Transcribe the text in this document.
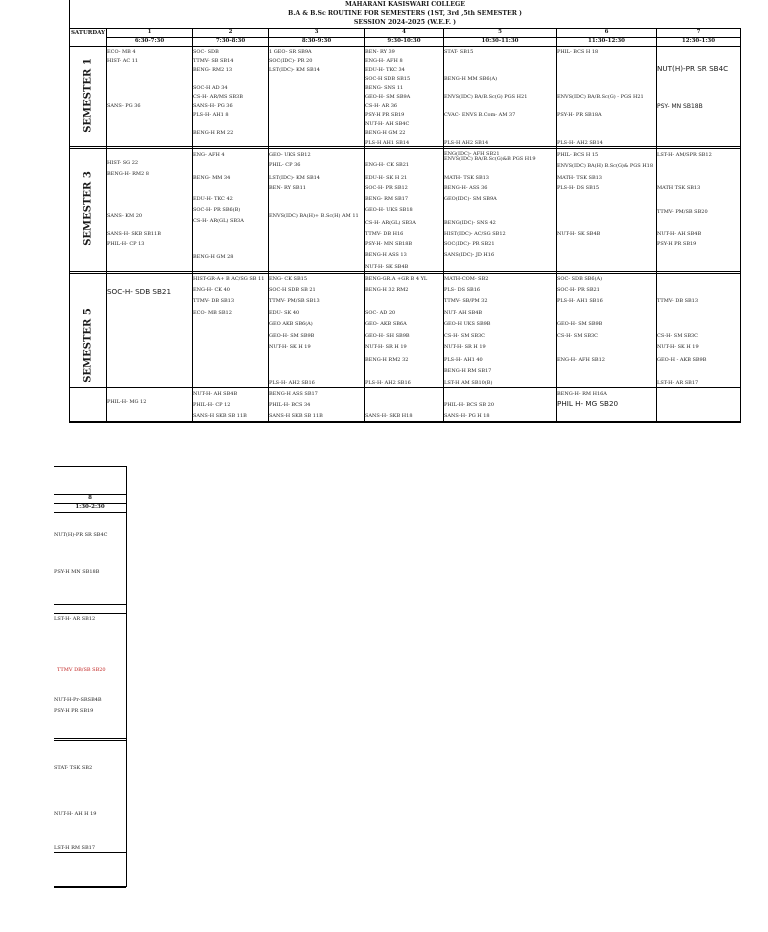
MAHARANI KASISWARI COLLEGE
B.A & B.Sc ROUTINE FOR SEMESTERS (1ST, 3rd ,5th SEMESTER )
SESSION 2024-2025 (W.E.F. )
SATURDAY	1
6:30-7:30
2
7:30-8:30
3
8:30-9:30
4
9:30-10:30
5
10:30-11:30
6
11:30-12:30
7
12:30-1:30
SEMESTER 1
SEMESTER 3
SEMESTER 5
8
1:30-2:30
NUT(H)-PR SR SB4C
PSY-H MN SB18B
LST-H- AR SB12
TTMV DB/SB SB20
NUT-H-Pr-SRSB4B
PSY-H PR SB19
STAT- TSK SB2
NUT-H- AH H 19
LST-H RM SB17
ECO- MB 4
HIST- AC 11
SANS- PG 36
SOC- SDB
TTMV- SB SB14
BENG- RM2 13
SOC-H AD 34
CS-H- AR/MS SB3B
SANS-H- PG 36
PLS-H- AH1 8
BENG-H RM 22
1 GEO- SR SB9A
SOC(IDC)- PR 20
LST(IDC)- KM SB14
BEN- RY 39
ENG-H- AFH 8
EDU-H- TKC 34
SOC-H SDB SB15
BENG- SNS 11
GEO-H- SM SB9A
CS-H- AR 36
PSY-H PR SB19
NUT-H- AH SB4C
BENG-H GM 22
PLS-H AH1 SB14
STAT- SB15
BENG-H MM SB6(A)
ENVS(IDC) BA/B.Sc(G) PGS H21
CVAC- ENVS B.Com- AM 37
PLS-H AH2 SB14
PHIL- BCS H 18
ENVS(IDC) BA/B.Sc(G) - PGS H21
PSY-H- PR SB18A
PLS-H- AH2 SB14
NUT(H)-PR SR SB4C
PSY- MN SB18B
HIST- SG 22
BENG-H- RM2 8
SANS- KM 20
SANS-H- SKB SB11B
PHIL-H- CP 13
ENG- AFH 4
BENG- MM 34
EDU-H- TKC 42
SOC-H- PR SB6(B)
CS-H- AR(GL) SB3A
BENG-H GM 28
GEO- UKS SB12
PHIL- CP 36
LST(IDC)- KM SB14
BEN- RY SB11
ENVS(IDC) BA(H)+ B.Sc(H) AM 11
ENG-H- CK SB21
EDU-H- SK H 21
SOC-H- PR SB12
BENG- RM SB17
GEO-H- UKS SB18
CS-H- AR(GL) SB3A
TTMV- DB H16
PSY-H- MN SB18B
BENG-H ASS 13
NUT-H- SK SB4B
ENG(IDC)- AFH SB21
ENVS(IDC) BA/B.Sc(G)&B PGS H19
MATH- TSK SB13
BENG-H- ASS 36
GEO(IDC)- SM SB9A
BENG(IDC)- SNS 42
HIST(IDC)- AC/SG SB12
SOC(IDC)- PR SB21
SANS(IDC)- JD H16
PHIL- BCS H 15
ENVS(IDC) BA(H) B.Sc(G)& PGS H18
MATH- TSK SB13
PLS-H- DS SB15
NUT-H- SK SB4B
LST-H- AM/SPR SB12
MATH TSK SB13
TTMV- PM/SB SB20
NUT-H- AH SB4B
PSY-H PR SB19
SOC-H- SDB SB21
PHIL-H- MG 12
HIST-GR-A+ B AC/SG SB 11
ENG-H- CK 40
TTMV- DB SB13
ECO- MB SB12
NUT-H- AH SB4B
PHIL-H- CP 12
SANS-H SKB SB 11B
ENG- CK SB15
SOC-H SDB SB 21
TTMV- PM/SB SB13
EDU- SK 40
GEO AKB SB6(A)
GEO-H- SM SB9B
NUT-H- SK H 19
PLS-H- AH2 SB16
BENG-H ASS SB17
PHIL-H- BCS 34
SANS-H SKB SB 11B
BENG-GR.A +GR B 4 YL
BENG-H 32 RM2
SOC- AD 20
GEO- AKB SB6A
GEO-H- SH SB9B
NUT-H- SR H 19
BENG-H RM2 32
PLS-H- AH2 SB16
SANS-H- SKB H18
MATH-COM- SB2
PLS- DS SB16
TTMV- SB/PM 32
NUT- AH SB4B
GEO-H UKS SB9B
CS-H- SM SB3C
NUT-H- SR H 19
PLS-H- AH1 40
BENG-H RM SB17
LST-H AM SB10(B)
PHIL-H- BCS SB 20
SANS-H- PG H 18
SOC- SDB SB6(A)
SOC-H- PR SB21
PLS-H- AH1 SB16
GEO-H- SM SB9B
CS-H- SM SB3C
ENG-H- AFH SB12
BENG-H- RM H16A
PHIL H- MG SB20
TTMV- DB SB13
CS-H- SM SB3C
NUT-H- SK H 19
GEO-H - AKB SB9B
LST-H- AR SB17
